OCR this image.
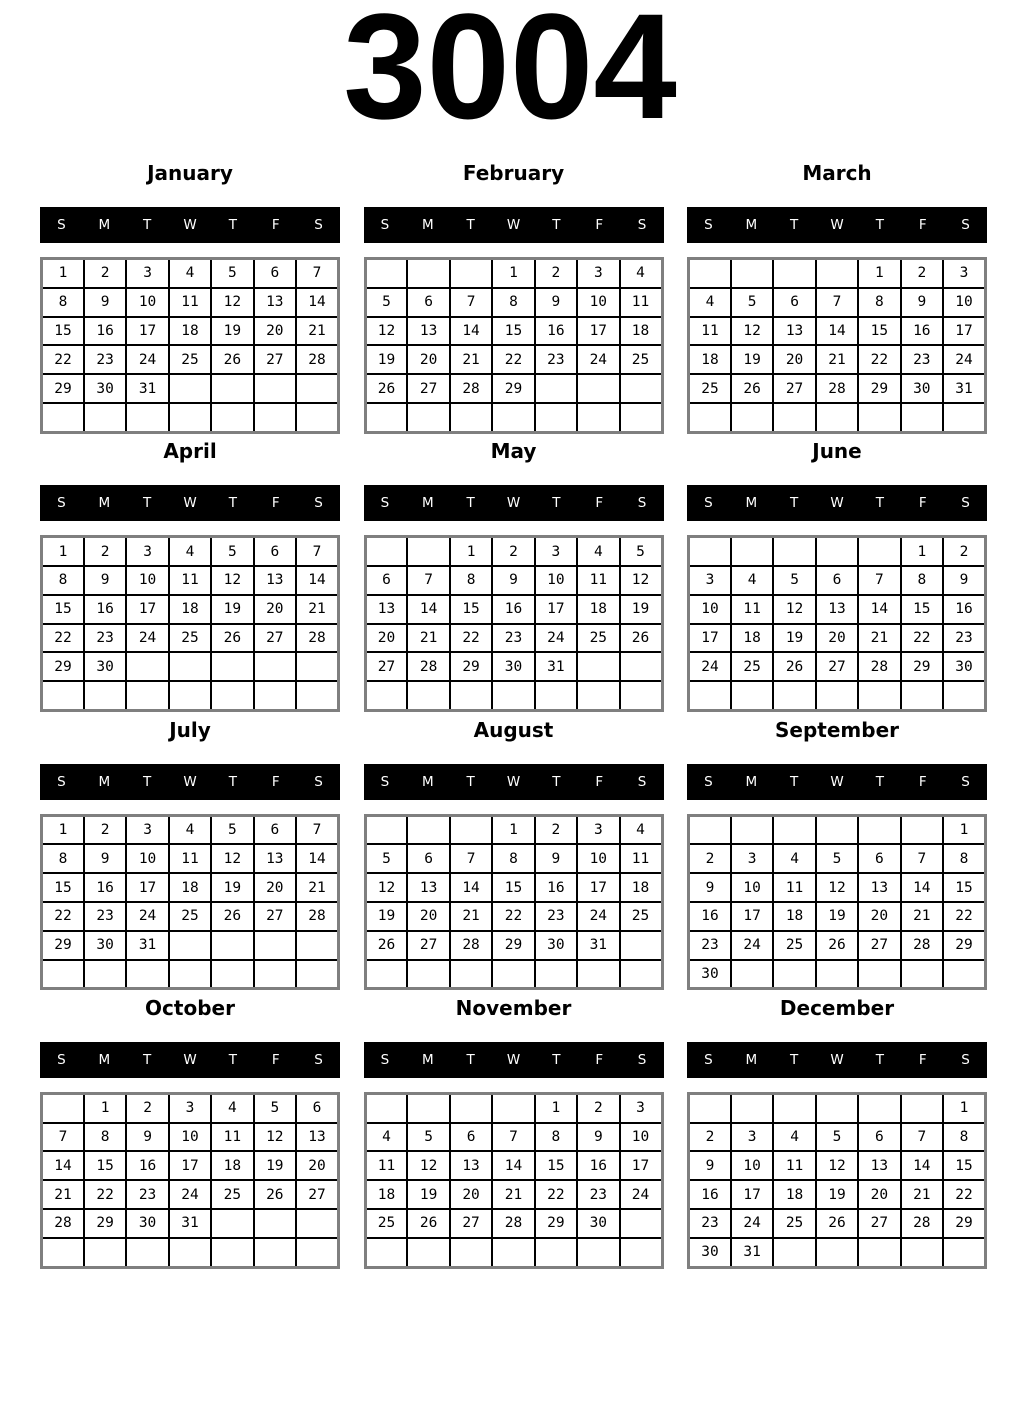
3004
January
S	M	T	W	T	F	S
1	2	3	4	5	6	7
8	9	10	11	12	13	14
15	16	17	18	19	20	21
22	23	24	25	26	27	28
29	30	31				

February
S	M	T	W	T	F	S
			1	2	3	4
5	6	7	8	9	10	11
12	13	14	15	16	17	18
19	20	21	22	23	24	25
26	27	28	29			

March
S	M	T	W	T	F	S
				1	2	3
4	5	6	7	8	9	10
11	12	13	14	15	16	17
18	19	20	21	22	23	24
25	26	27	28	29	30	31

April
S	M	T	W	T	F	S
1	2	3	4	5	6	7
8	9	10	11	12	13	14
15	16	17	18	19	20	21
22	23	24	25	26	27	28
29	30					

May
S	M	T	W	T	F	S
		1	2	3	4	5
6	7	8	9	10	11	12
13	14	15	16	17	18	19
20	21	22	23	24	25	26
27	28	29	30	31		

June
S	M	T	W	T	F	S
					1	2
3	4	5	6	7	8	9
10	11	12	13	14	15	16
17	18	19	20	21	22	23
24	25	26	27	28	29	30

July
S	M	T	W	T	F	S
1	2	3	4	5	6	7
8	9	10	11	12	13	14
15	16	17	18	19	20	21
22	23	24	25	26	27	28
29	30	31				

August
S	M	T	W	T	F	S
			1	2	3	4
5	6	7	8	9	10	11
12	13	14	15	16	17	18
19	20	21	22	23	24	25
26	27	28	29	30	31	

September
S	M	T	W	T	F	S
						1
2	3	4	5	6	7	8
9	10	11	12	13	14	15
16	17	18	19	20	21	22
23	24	25	26	27	28	29
30						
October
S	M	T	W	T	F	S
	1	2	3	4	5	6
7	8	9	10	11	12	13
14	15	16	17	18	19	20
21	22	23	24	25	26	27
28	29	30	31			

November
S	M	T	W	T	F	S
				1	2	3
4	5	6	7	8	9	10
11	12	13	14	15	16	17
18	19	20	21	22	23	24
25	26	27	28	29	30	

December
S	M	T	W	T	F	S
						1
2	3	4	5	6	7	8
9	10	11	12	13	14	15
16	17	18	19	20	21	22
23	24	25	26	27	28	29
30	31					
